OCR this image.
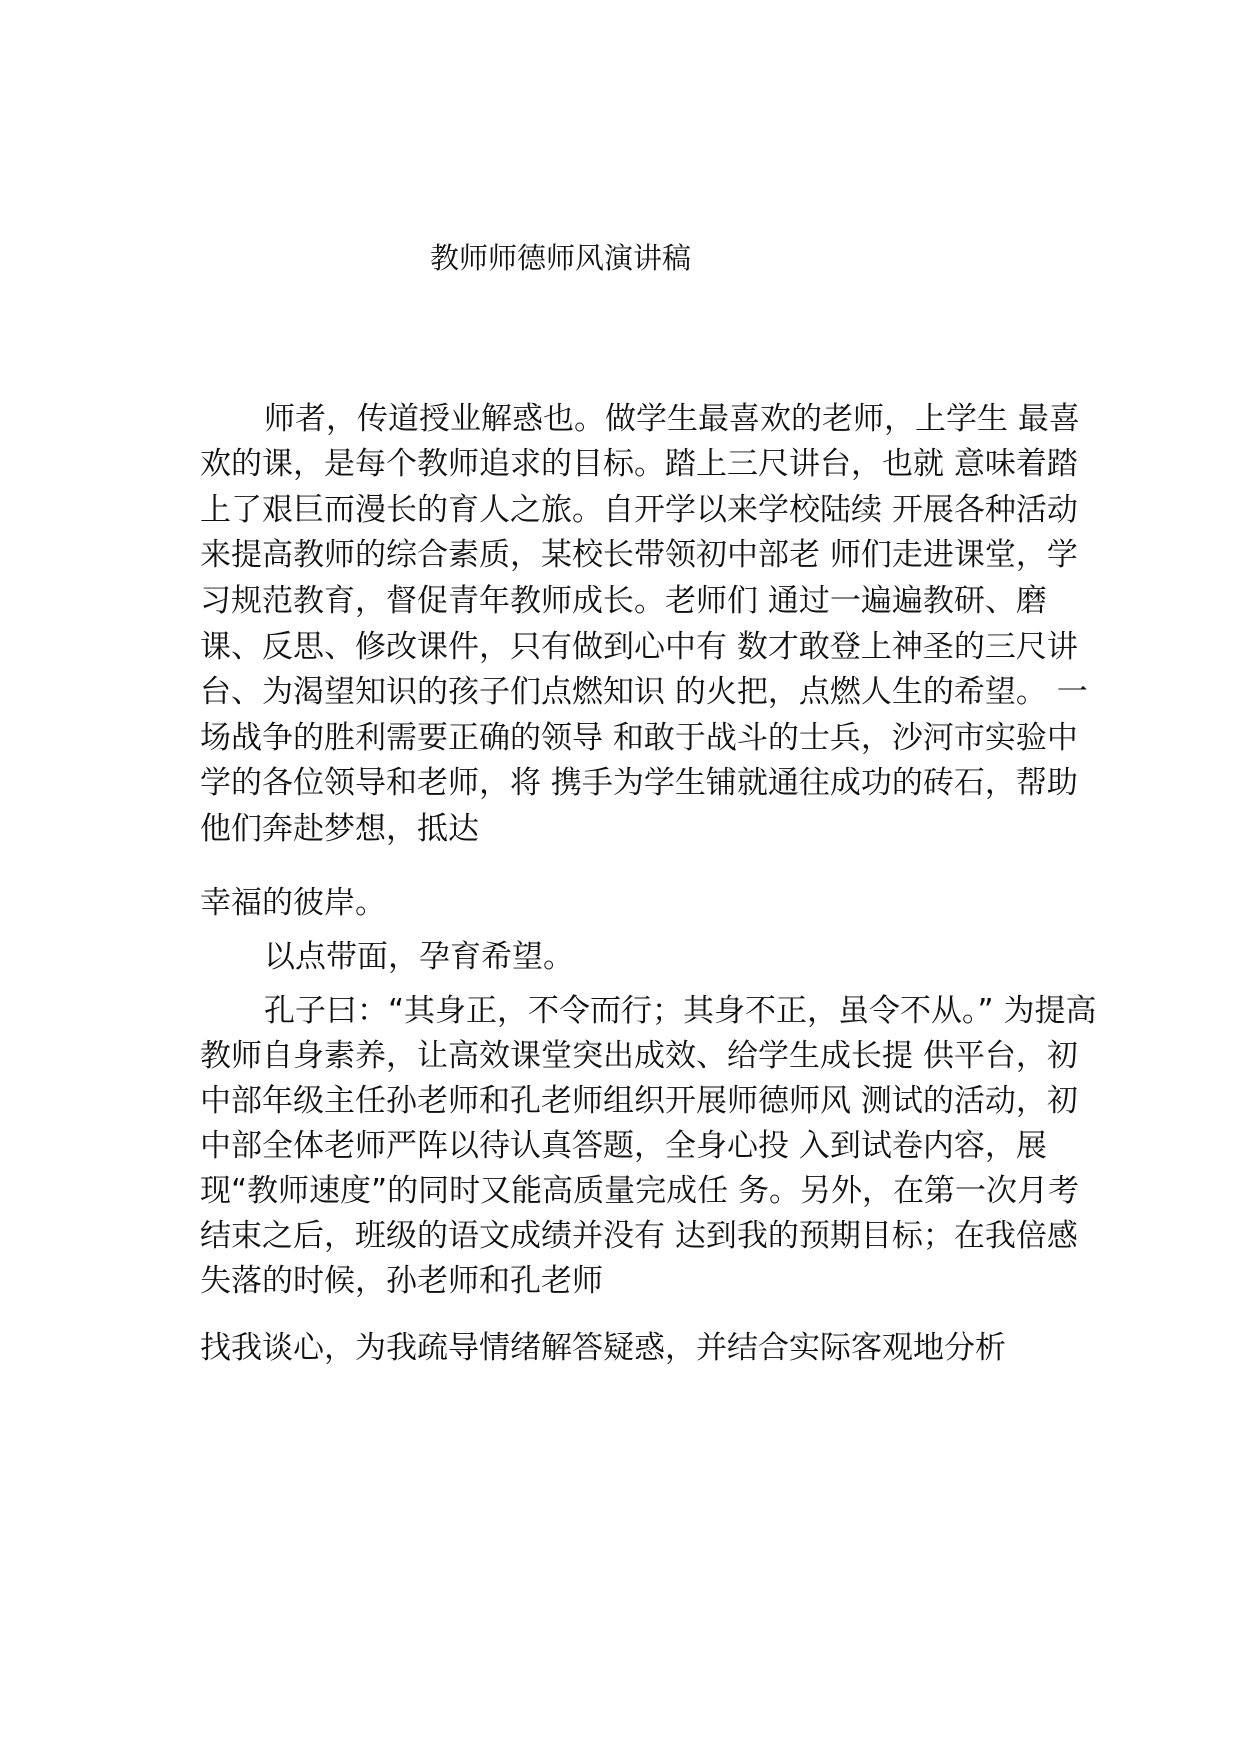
教师师德师风演讲稿
师者，传道授业解惑也。做学生最喜欢的老师，上学生 最喜
欢的课，是每个教师追求的目标。踏上三尺讲台，也就 意味着踏
上了艰巨而漫长的育人之旅。自开学以来学校陆续 开展各种活动
来提高教师的综合素质，某校长带领初中部老 师们走进课堂，学
习规范教育，督促青年教师成长。老师们 通过一遍遍教研、磨
课、反思、修改课件，只有做到心中有 数才敢登上神圣的三尺讲
台、为渴望知识的孩子们点燃知识 的火把，点燃人生的希望。 一
场战争的胜利需要正确的领导 和敢于战斗的士兵，沙河市实验中
学的各位领导和老师，将 携手为学生铺就通往成功的砖石，帮助
他们奔赴梦想，抵达
幸福的彼岸。
以点带面，孕育希望。
孔子曰：“其身正，不令而行；其身不正，虽令不从。” 为提高
教师自身素养，让高效课堂突出成效、给学生成长提 供平台，初
中部年级主任孙老师和孔老师组织开展师德师风 测试的活动，初
中部全体老师严阵以待认真答题，全身心投 入到试卷内容，展
现“教师速度”的同时又能高质量完成任 务。另外，在第一次月考
结束之后，班级的语文成绩并没有 达到我的预期目标；在我倍感
失落的时候，孙老师和孔老师
找我谈心，为我疏导情绪解答疑惑，并结合实际客观地分析
